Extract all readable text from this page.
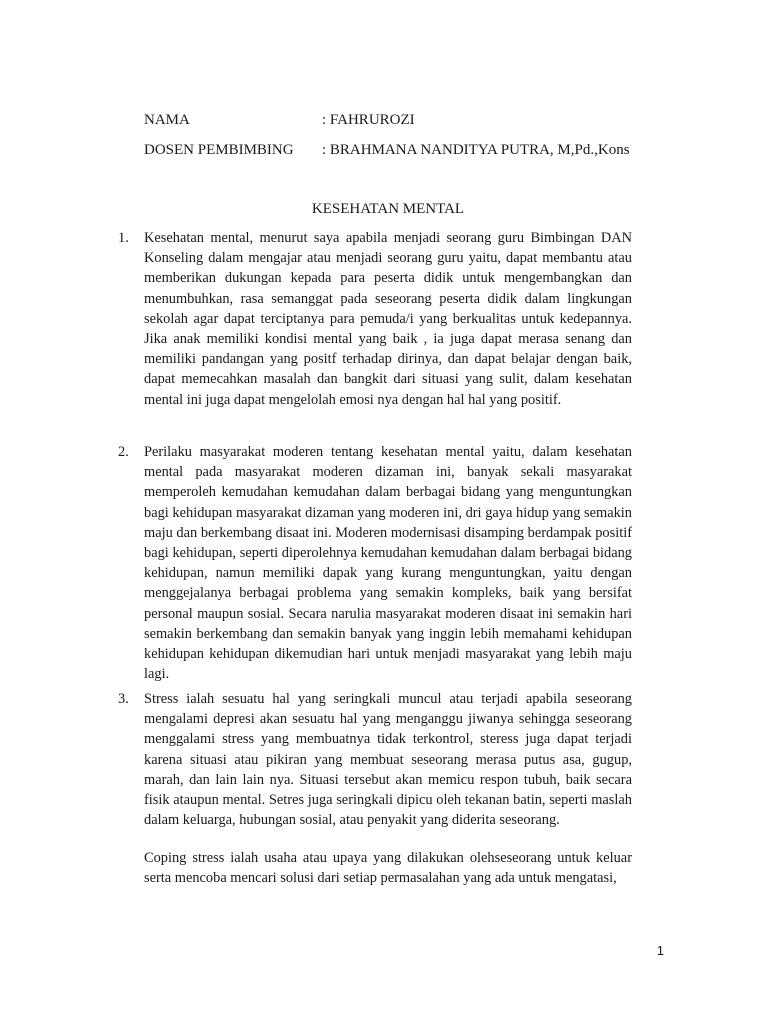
NAMA	: FAHRUROZI
DOSEN PEMBIMBING : BRAHMANA NANDITYA PUTRA, M,Pd.,Kons
KESEHATAN MENTAL
1. Kesehatan mental, menurut saya apabila menjadi seorang guru Bimbingan DAN Konseling dalam mengajar atau menjadi seorang guru yaitu, dapat membantu atau memberikan dukungan kepada para peserta didik untuk mengembangkan dan menumbuhkan, rasa semanggat pada seseorang peserta didik dalam lingkungan sekolah agar dapat terciptanya para pemuda/i yang berkualitas untuk kedepannya. Jika anak memiliki kondisi mental yang baik , ia juga dapat merasa senang dan memiliki pandangan yang positf terhadap dirinya, dan dapat belajar dengan baik, dapat memecahkan masalah dan bangkit dari situasi yang sulit, dalam kesehatan mental ini juga dapat mengelolah emosi nya dengan hal hal yang positif.
2. Perilaku masyarakat moderen tentang kesehatan mental yaitu, dalam kesehatan mental pada masyarakat moderen dizaman ini, banyak sekali masyarakat memperoleh kemudahan kemudahan dalam berbagai bidang yang menguntungkan bagi kehidupan masyarakat dizaman yang moderen ini, dri gaya hidup yang semakin maju dan berkembang disaat ini. Moderen modernisasi disamping berdampak positif bagi kehidupan, seperti diperolehnya kemudahan kemudahan dalam berbagai bidang kehidupan, namun memiliki dapak yang kurang menguntungkan, yaitu dengan menggejalanya berbagai problema yang semakin kompleks, baik yang bersifat personal maupun sosial. Secara narulia masyarakat moderen disaat ini semakin hari semakin berkembang dan semakin banyak yang inggin lebih memahami kehidupan kehidupan kehidupan dikemudian hari untuk menjadi masyarakat yang lebih maju lagi.
3. Stress ialah sesuatu hal yang seringkali muncul atau terjadi apabila seseorang mengalami depresi akan sesuatu hal yang menganggu jiwanya sehingga seseorang menggalami stress yang membuatnya tidak terkontrol, steress juga dapat terjadi karena situasi atau pikiran yang membuat seseorang merasa putus asa, gugup, marah, dan lain lain nya. Situasi tersebut akan memicu respon tubuh, baik secara fisik ataupun mental. Setres juga seringkali dipicu oleh tekanan batin, seperti maslah dalam keluarga, hubungan sosial, atau penyakit yang diderita seseorang.
Coping stress ialah usaha atau upaya yang dilakukan olehseseorang untuk keluar serta mencoba mencari solusi dari setiap permasalahan yang ada untuk mengatasi,
1
